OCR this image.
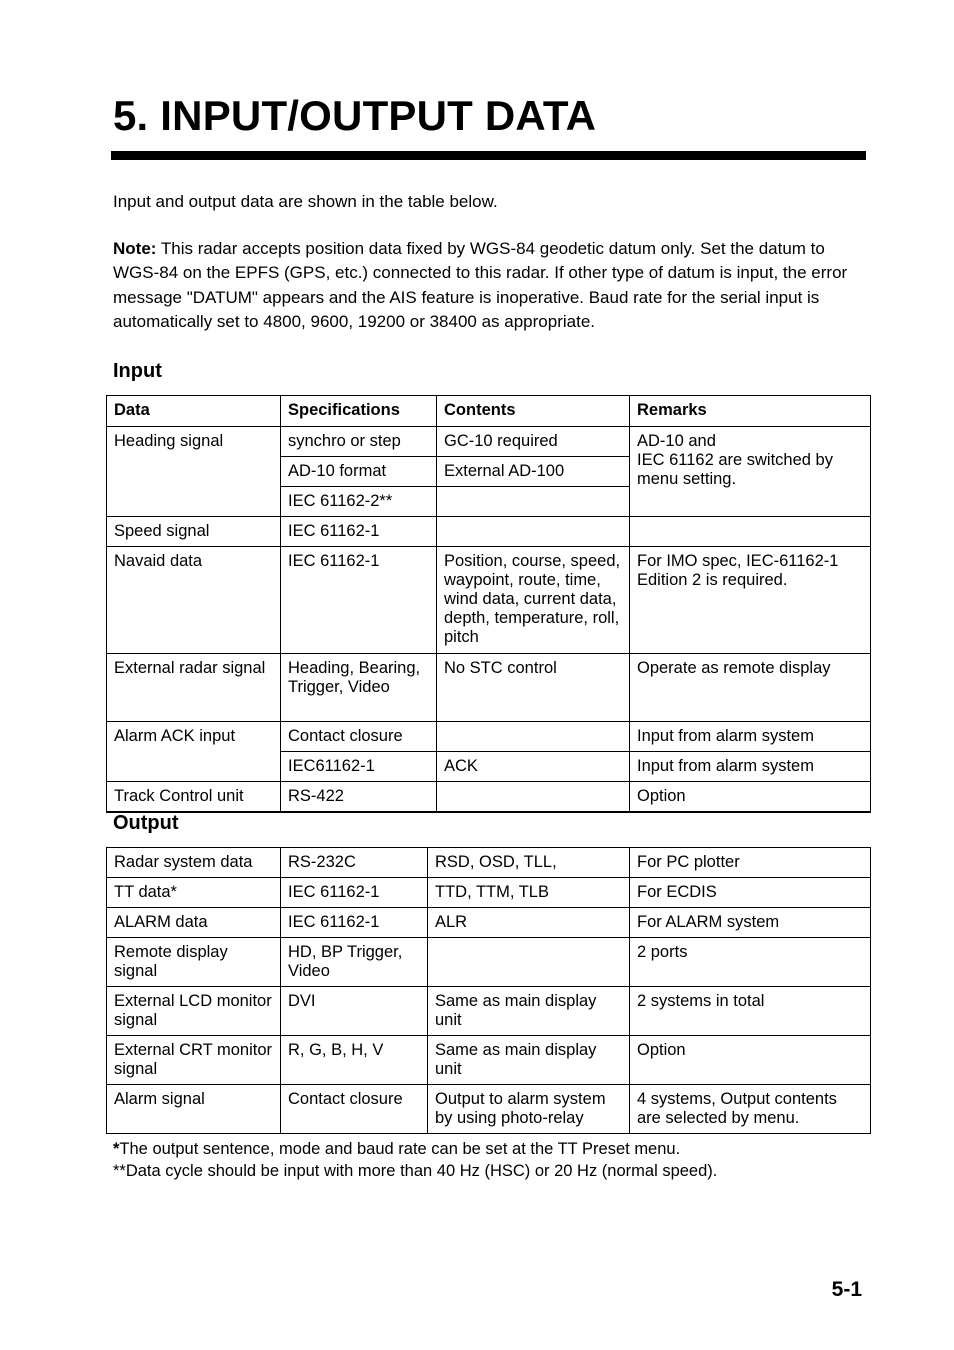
5. INPUT/OUTPUT DATA

Input and output data are shown in the table below.

Note: This radar accepts position data fixed by WGS-84 geodetic datum only. Set the datum to WGS-84 on the EPFS (GPS, etc.) connected to this radar. If other type of datum is input, the error message "DATUM" appears and the AIS feature is inoperative. Baud rate for the serial input is automatically set to 4800, 9600, 19200 or 38400 as appropriate.

Input
Data	Specifications	Contents	Remarks
Heading signal	synchro or step	GC-10 required	AD-10 and
IEC 61162 are switched by menu setting.
	AD-10 format	External AD-100	
	IEC 61162-2**		
Speed signal	IEC 61162-1		
Navaid data	IEC 61162-1	Position, course, speed, waypoint, route, time, wind data, current data, depth, temperature, roll, pitch	For IMO spec, IEC-61162-1 Edition 2 is required.
External radar signal	Heading, Bearing, Trigger, Video	No STC control	Operate as remote display
Alarm ACK input	Contact closure		Input from alarm system
	IEC61162-1	ACK	Input from alarm system
Track Control unit	RS-422		Option
Output
Radar system data	RS-232C	RSD, OSD, TLL,	For PC plotter
TT data*	IEC 61162-1	TTD, TTM, TLB	For ECDIS
ALARM data	IEC 61162-1	ALR	For ALARM system
Remote display signal	HD, BP Trigger, Video		2 ports
External LCD monitor signal	DVI	Same as main display unit	2 systems in total
External CRT monitor signal	R, G, B, H, V	Same as main display unit	Option
Alarm signal	Contact closure	Output to alarm system by using photo-relay	4 systems, Output contents are selected by menu.
*The output sentence, mode and baud rate can be set at the TT Preset menu.
**Data cycle should be input with more than 40 Hz (HSC) or 20 Hz (normal speed).
5-1
